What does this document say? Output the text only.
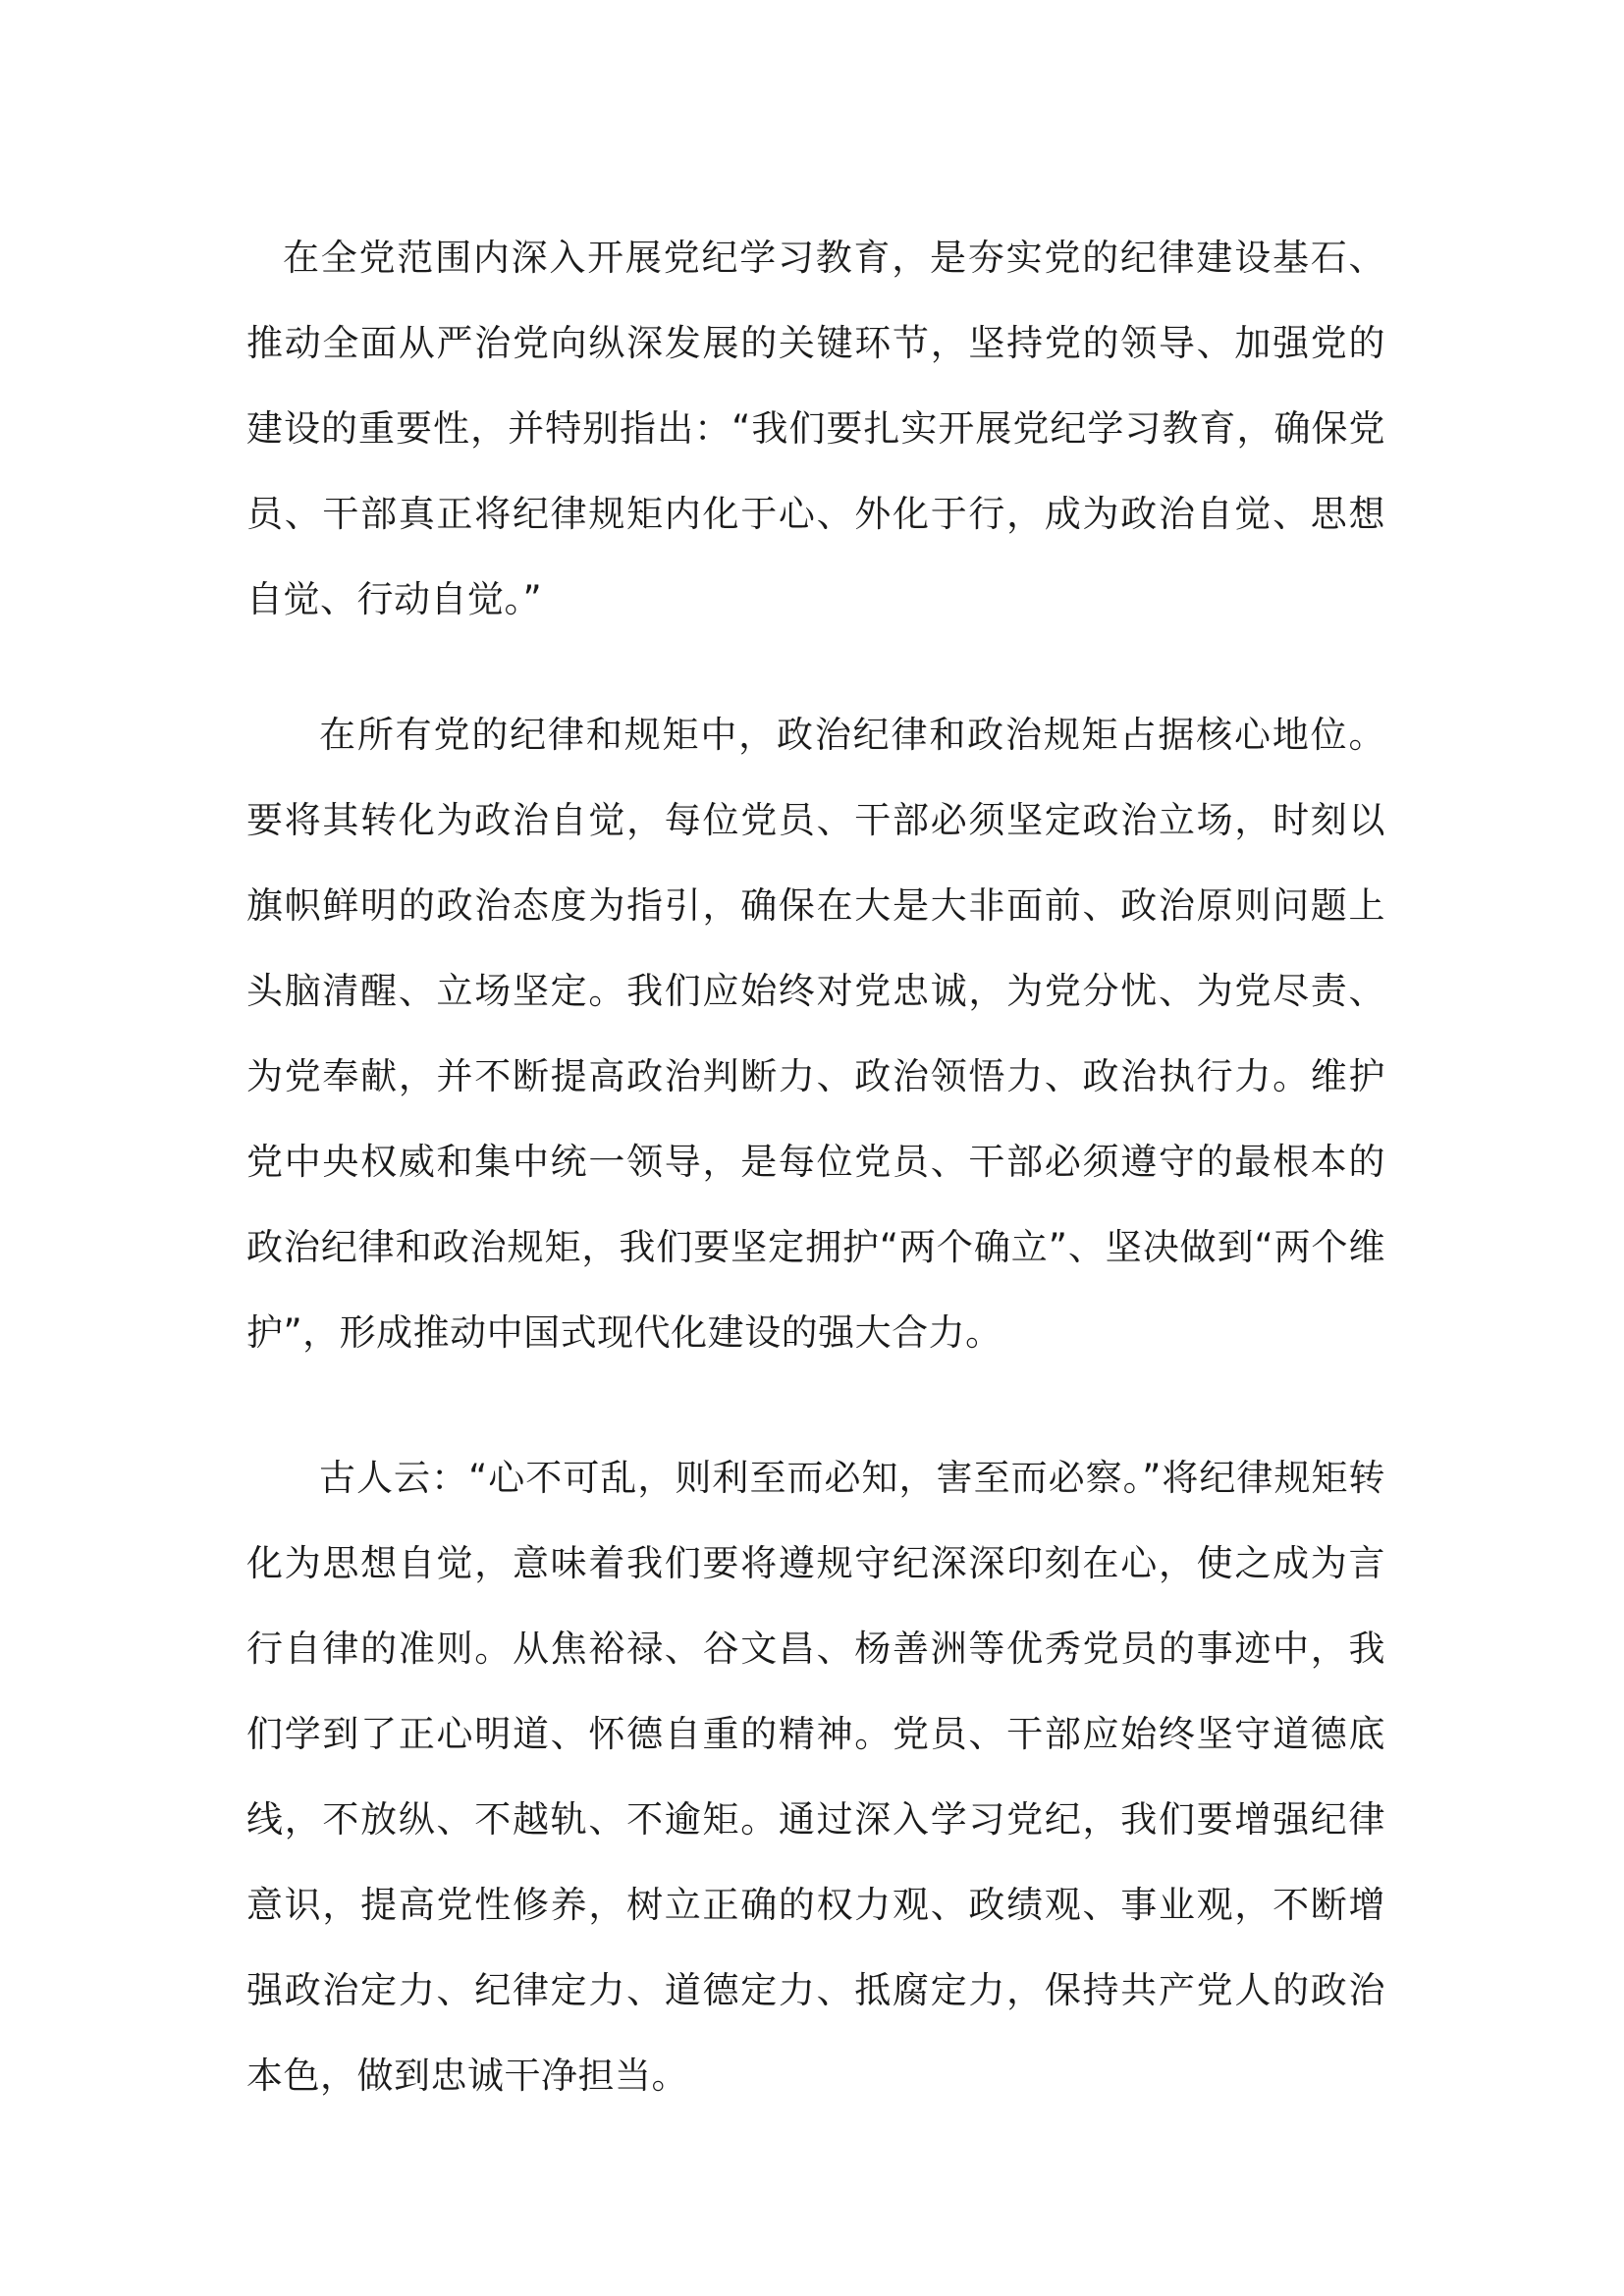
在全党范围内深入开展党纪学习教育，是夯实党的纪律建设基石、推动全面从严治党向纵深发展的关键环节，坚持党的领导、加强党的建设的重要性，并特别指出：“我们要扎实开展党纪学习教育，确保党员、干部真正将纪律规矩内化于心、外化于行，成为政治自觉、思想自觉、行动自觉。”

在所有党的纪律和规矩中，政治纪律和政治规矩占据核心地位。要将其转化为政治自觉，每位党员、干部必须坚定政治立场，时刻以旗帜鲜明的政治态度为指引，确保在大是大非面前、政治原则问题上头脑清醒、立场坚定。我们应始终对党忠诚，为党分忧、为党尽责、为党奉献，并不断提高政治判断力、政治领悟力、政治执行力。维护党中央权威和集中统一领导，是每位党员、干部必须遵守的最根本的政治纪律和政治规矩，我们要坚定拥护“两个确立”、坚决做到“两个维护”，形成推动中国式现代化建设的强大合力。

古人云：“心不可乱，则利至而必知，害至而必察。”将纪律规矩转化为思想自觉，意味着我们要将遵规守纪深深印刻在心，使之成为言行自律的准则。从焦裕禄、谷文昌、杨善洲等优秀党员的事迹中，我们学到了正心明道、怀德自重的精神。党员、干部应始终坚守道德底线，不放纵、不越轨、不逾矩。通过深入学习党纪，我们要增强纪律意识，提高党性修养，树立正确的权力观、政绩观、事业观，不断增强政治定力、纪律定力、道德定力、抵腐定力，保持共产党人的政治本色，做到忠诚干净担当。
